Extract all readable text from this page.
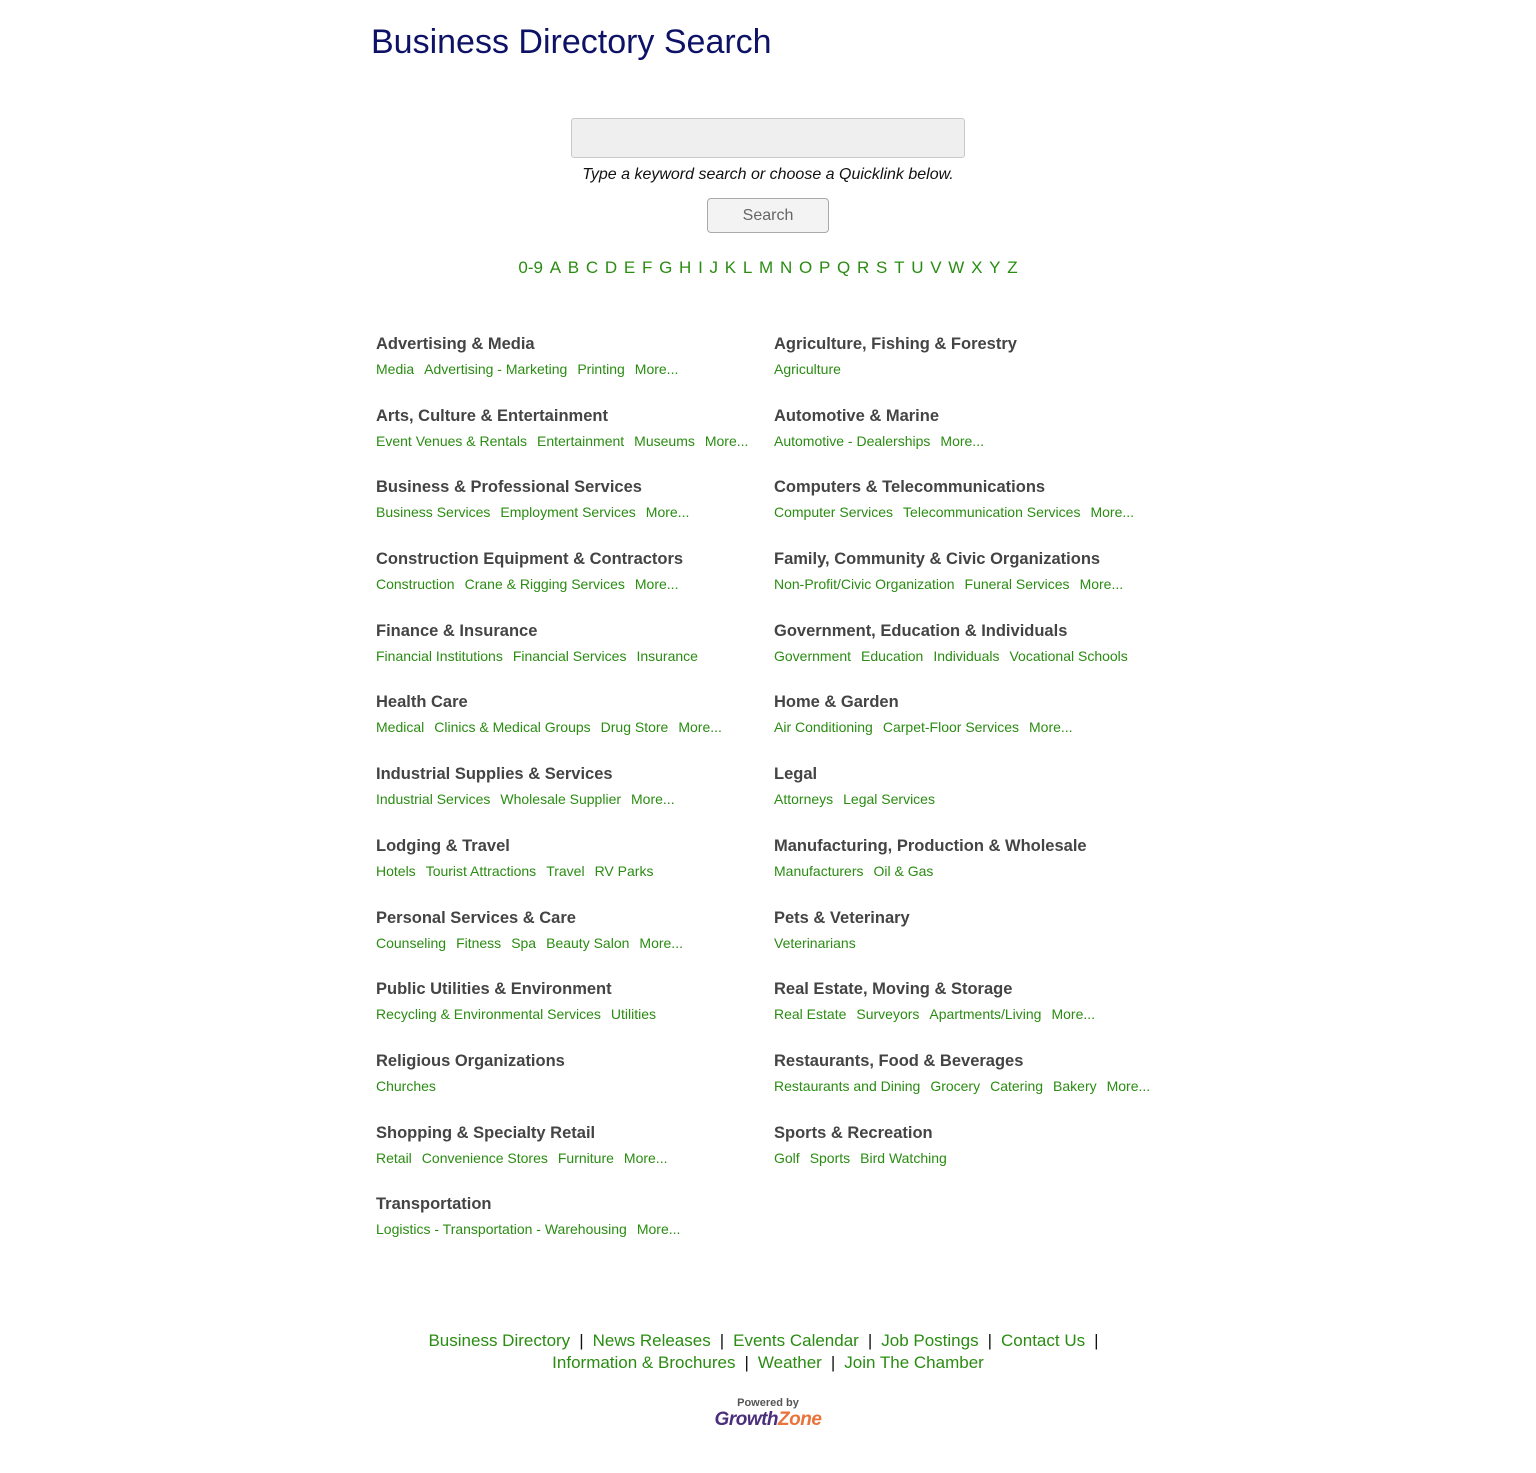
Business Directory Search
Type a keyword search or choose a Quicklink below.
Search
0-9 A B C D E F G H I J K L M N O P Q R S T U V W X Y Z
Advertising & Media
Media Advertising - Marketing Printing More...
Agriculture, Fishing & Forestry
Agriculture
Arts, Culture & Entertainment
Event Venues & Rentals Entertainment Museums More...
Automotive & Marine
Automotive - Dealerships More...
Business & Professional Services
Business Services Employment Services More...
Computers & Telecommunications
Computer Services Telecommunication Services More...
Construction Equipment & Contractors
Construction Crane & Rigging Services More...
Family, Community & Civic Organizations
Non-Profit/Civic Organization Funeral Services More...
Finance & Insurance
Financial Institutions Financial Services Insurance
Government, Education & Individuals
Government Education Individuals Vocational Schools
Health Care
Medical Clinics & Medical Groups Drug Store More...
Home & Garden
Air Conditioning Carpet-Floor Services More...
Industrial Supplies & Services
Industrial Services Wholesale Supplier More...
Legal
Attorneys Legal Services
Lodging & Travel
Hotels Tourist Attractions Travel RV Parks
Manufacturing, Production & Wholesale
Manufacturers Oil & Gas
Personal Services & Care
Counseling Fitness Spa Beauty Salon More...
Pets & Veterinary
Veterinarians
Public Utilities & Environment
Recycling & Environmental Services Utilities
Real Estate, Moving & Storage
Real Estate Surveyors Apartments/Living More...
Religious Organizations
Churches
Restaurants, Food & Beverages
Restaurants and Dining Grocery Catering Bakery More...
Shopping & Specialty Retail
Retail Convenience Stores Furniture More...
Sports & Recreation
Golf Sports Bird Watching
Transportation
Logistics - Transportation - Warehousing More...
Business Directory | News Releases | Events Calendar | Job Postings | Contact Us |
Information & Brochures | Weather | Join The Chamber
Powered by
GrowthZone
